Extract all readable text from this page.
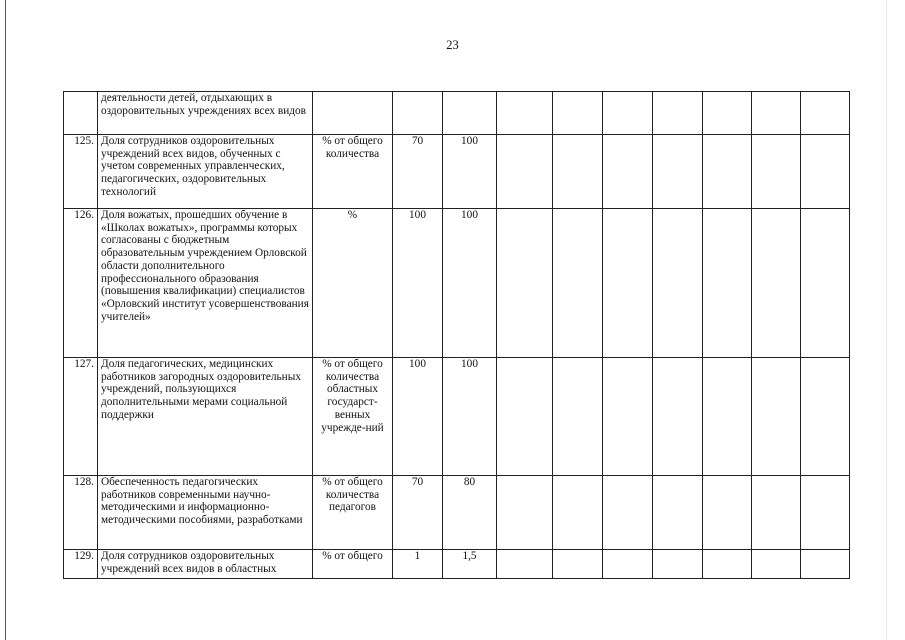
23
	деятельности детей, отдыхающих в оздоровительных учреждениях всех видов										
125.	Доля сотрудников оздоровительных учреждений всех видов, обученных с учетом современных управленческих, педагогических, оздоровительных технологий	% от общего количества	70	100							
126.	Доля вожатых, прошедших обучение в «Школах вожатых», программы которых согласованы с бюджетным образовательным учреждением Орловской области дополнительного профессионального образования (повышения квалификации) специалистов «Орловский институт усовершенствования учителей»	%	100	100							
127.	Доля педагогических, медицинских работников загородных оздоровительных учреждений, пользующихся дополнительными мерами социальной поддержки	% от общего количества областных государст-венных учрежде-ний	100	100							
128.	Обеспеченность педагогических работников современными научно-методическими и информационно-методическими пособиями, разработками	% от общего количества педагогов	70	80							
129.	Доля сотрудников оздоровительных учреждений всех видов в областных	% от общего	1	1,5							
